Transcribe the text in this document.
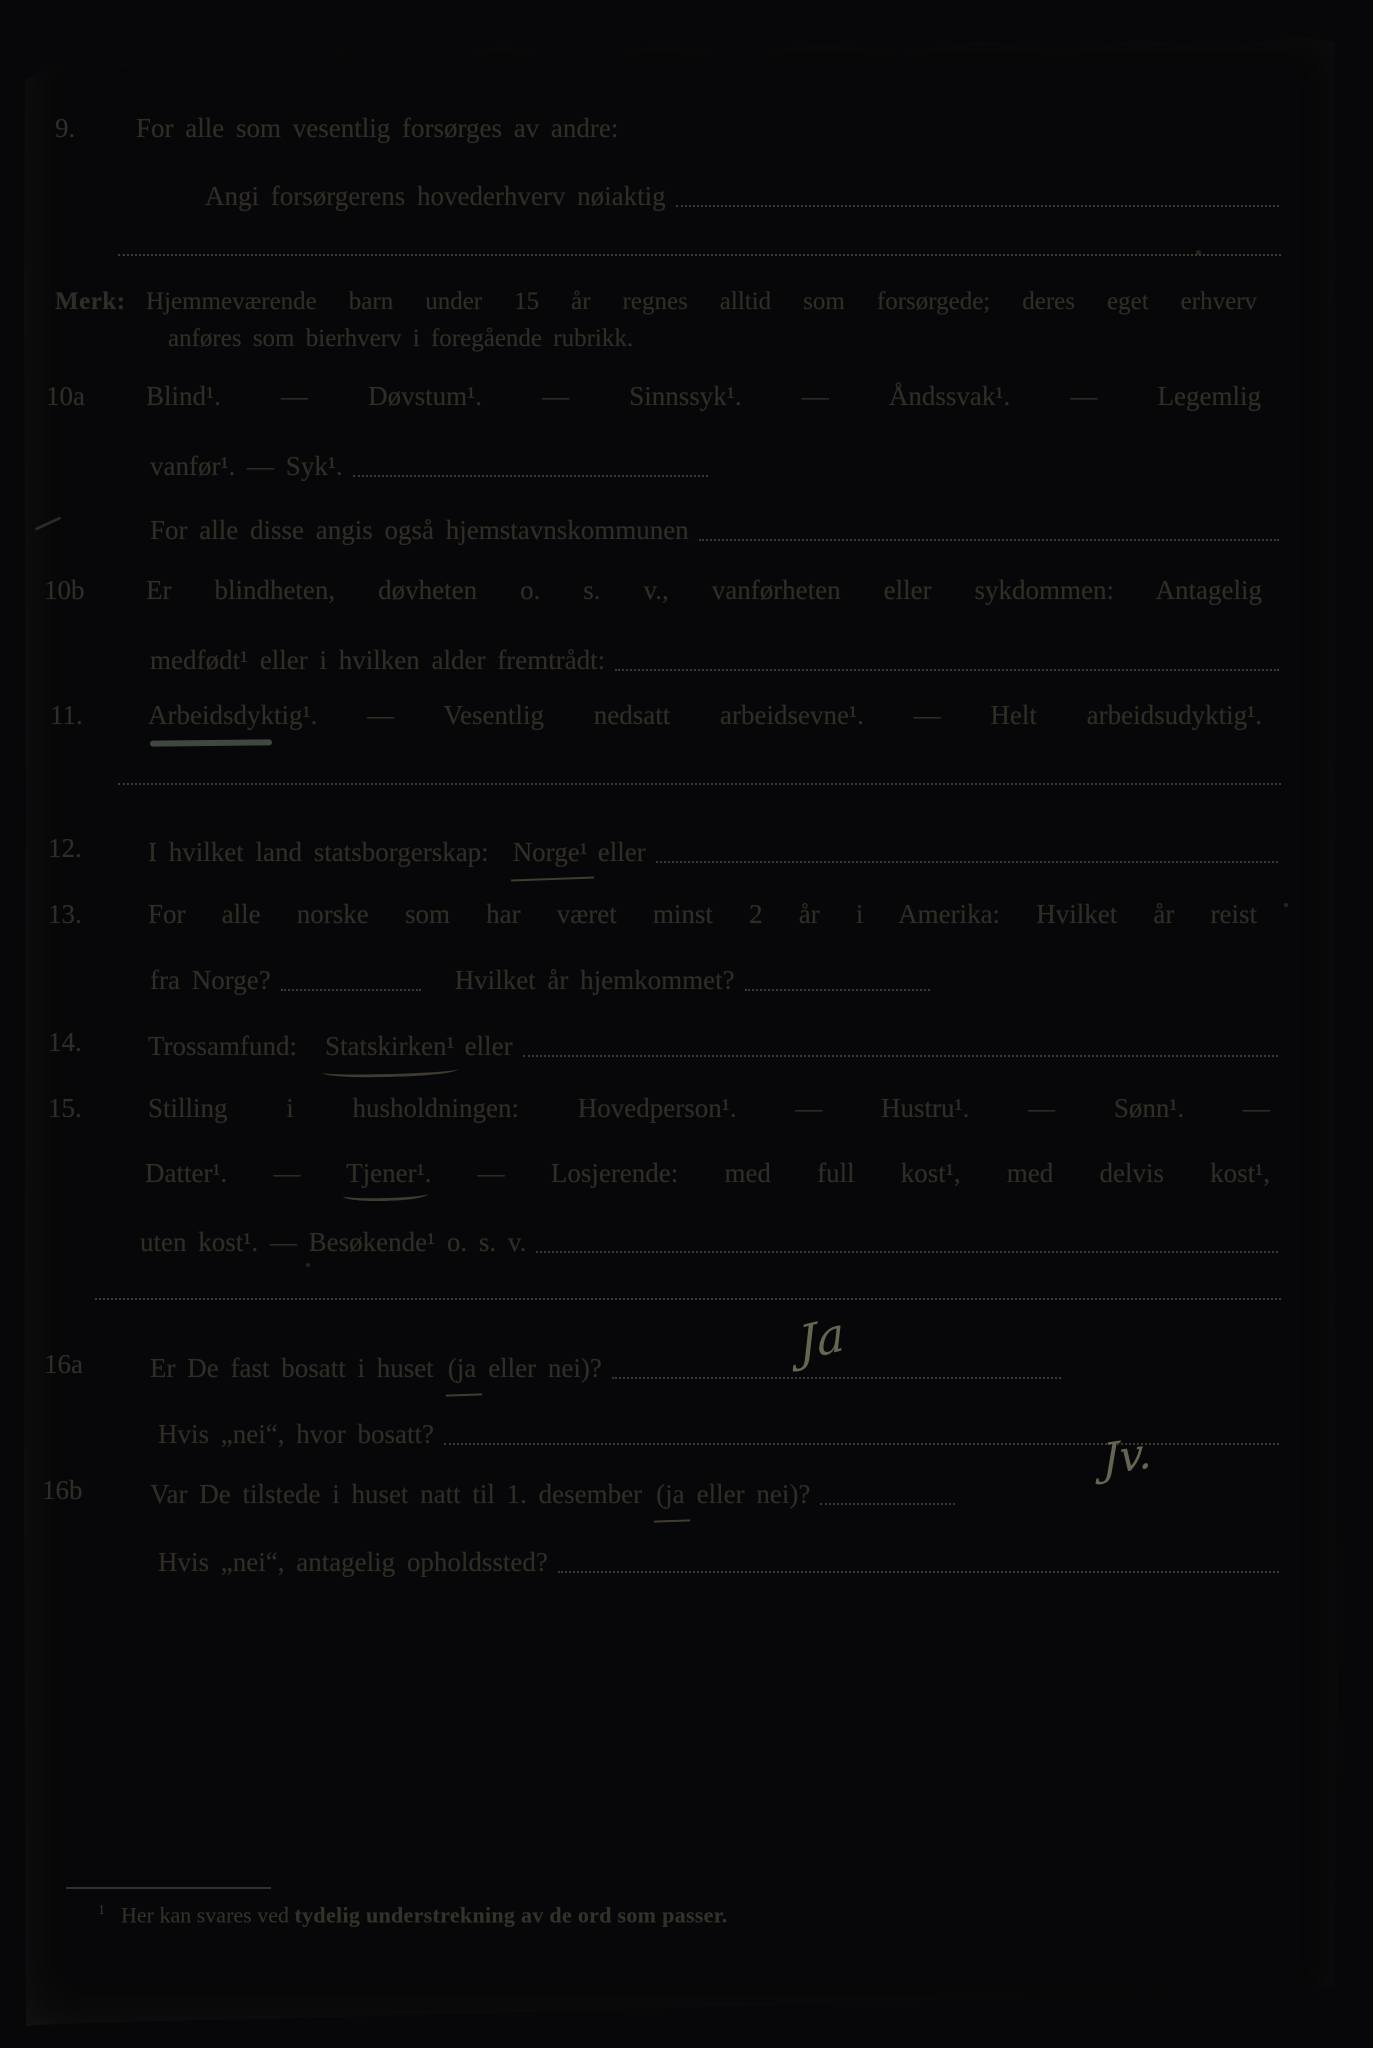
9. For alle som vesentlig forsørges av andre:
Angi forsørgerens hovederhverv nøiaktig
Merk: Hjemmeværende barn under 15 år regnes alltid som forsørgede; deres eget erhverv
anføres som bierhverv i foregående rubrikk.
10a Blind¹. — Døvstum¹. — Sinnssyk¹. — Åndssvak¹. — Legemlig
vanfør¹. — Syk¹.
For alle disse angis også hjemstavnskommunen
10b Er blindheten, døvheten o. s. v., vanførheten eller sykdommen: Antagelig
medfødt¹ eller i hvilken alder fremtrådt:
11. Arbeidsdyktig¹. — Vesentlig nedsatt arbeidsevne¹. — Helt arbeidsudyktig¹.
12. I hvilket land statsborgerskap: Norge¹ eller
13. For alle norske som har været minst 2 år i Amerika: Hvilket år reist
fra Norge?	Hvilket år hjemkommet?
14. Trossamfund: Statskirken¹ eller
15. Stilling i husholdningen: Hovedperson¹. — Hustru¹. — Sønn¹. —
Datter¹. — Tjener¹. — Losjerende: med full kost¹, med delvis kost¹,
uten kost¹. — Besøkende¹ o. s. v.
16a Er De fast bosatt i huset (ja eller nei)?	Ja
Hvis „nei“, hvor bosatt?
16b	Var De tilstede i huset natt til 1. desember (ja eller nei)?
Jv.
Hvis „nei“, antagelig opholdssted?
$^1$ Her kan svares ved tydelig understrekning av de ord som passer.
